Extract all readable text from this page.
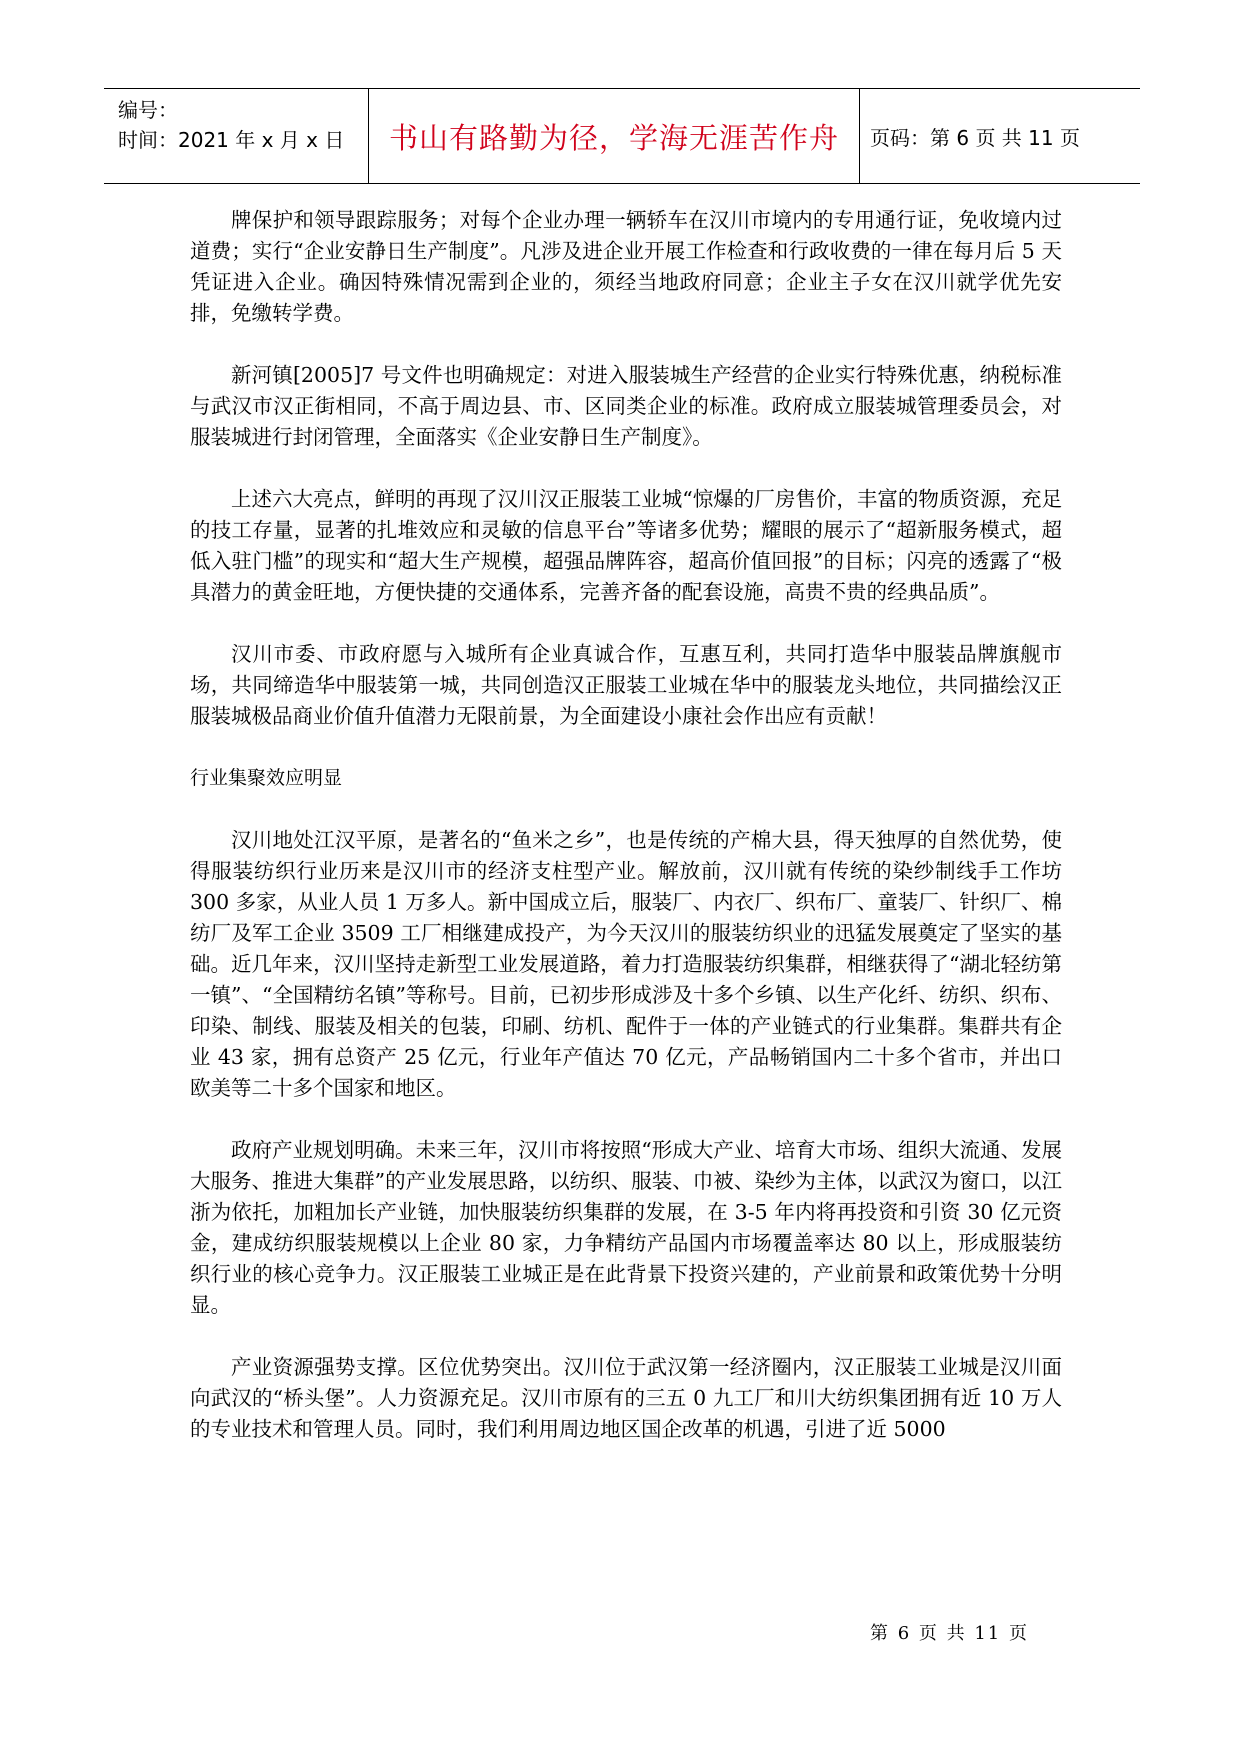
编号：
时间：2021 年 x 月 x 日	书山有路勤为径，学海无涯苦作舟	页码：第 6 页 共 11 页

牌保护和领导跟踪服务；对每个企业办理一辆轿车在汉川市境内的专用通行证，免收境内过道费；实行“企业安静日生产制度”。凡涉及进企业开展工作检查和行政收费的一律在每月后 5 天凭证进入企业。确因特殊情况需到企业的，须经当地政府同意；企业主子女在汉川就学优先安排，免缴转学费。

新河镇[2005]7 号文件也明确规定：对进入服装城生产经营的企业实行特殊优惠，纳税标准与武汉市汉正街相同，不高于周边县、市、区同类企业的标准。政府成立服装城管理委员会，对服装城进行封闭管理，全面落实《企业安静日生产制度》。

上述六大亮点，鲜明的再现了汉川汉正服装工业城“惊爆的厂房售价，丰富的物质资源，充足的技工存量，显著的扎堆效应和灵敏的信息平台”等诸多优势；耀眼的展示了“超新服务模式，超低入驻门槛”的现实和“超大生产规模，超强品牌阵容，超高价值回报”的目标；闪亮的透露了“极具潜力的黄金旺地，方便快捷的交通体系，完善齐备的配套设施，高贵不贵的经典品质”。

汉川市委、市政府愿与入城所有企业真诚合作，互惠互利，共同打造华中服装品牌旗舰市场，共同缔造华中服装第一城，共同创造汉正服装工业城在华中的服装龙头地位，共同描绘汉正服装城极品商业价值升值潜力无限前景，为全面建设小康社会作出应有贡献！

行业集聚效应明显

汉川地处江汉平原，是著名的“鱼米之乡”，也是传统的产棉大县，得天独厚的自然优势，使得服装纺织行业历来是汉川市的经济支柱型产业。解放前，汉川就有传统的染纱制线手工作坊 300 多家，从业人员 1 万多人。新中国成立后，服装厂、内衣厂、织布厂、童装厂、针织厂、棉纺厂及军工企业 3509 工厂相继建成投产，为今天汉川的服装纺织业的迅猛发展奠定了坚实的基础。近几年来，汉川坚持走新型工业发展道路，着力打造服装纺织集群，相继获得了“湖北轻纺第一镇”、“全国精纺名镇”等称号。目前，已初步形成涉及十多个乡镇、以生产化纤、纺织、织布、印染、制线、服装及相关的包装，印刷、纺机、配件于一体的产业链式的行业集群。集群共有企业 43 家，拥有总资产 25 亿元，行业年产值达 70 亿元，产品畅销国内二十多个省市，并出口欧美等二十多个国家和地区。

政府产业规划明确。未来三年，汉川市将按照“形成大产业、培育大市场、组织大流通、发展大服务、推进大集群”的产业发展思路，以纺织、服装、巾被、染纱为主体，以武汉为窗口，以江浙为依托，加粗加长产业链，加快服装纺织集群的发展，在 3-5 年内将再投资和引资 30 亿元资金，建成纺织服装规模以上企业 80 家，力争精纺产品国内市场覆盖率达 80 以上，形成服装纺织行业的核心竞争力。汉正服装工业城正是在此背景下投资兴建的，产业前景和政策优势十分明显。

产业资源强势支撑。区位优势突出。汉川位于武汉第一经济圈内，汉正服装工业城是汉川面向武汉的“桥头堡”。人力资源充足。汉川市原有的三五 0 九工厂和川大纺织集团拥有近 10 万人的专业技术和管理人员。同时，我们利用周边地区国企改革的机遇，引进了近 5000

第 6 页 共 11 页
